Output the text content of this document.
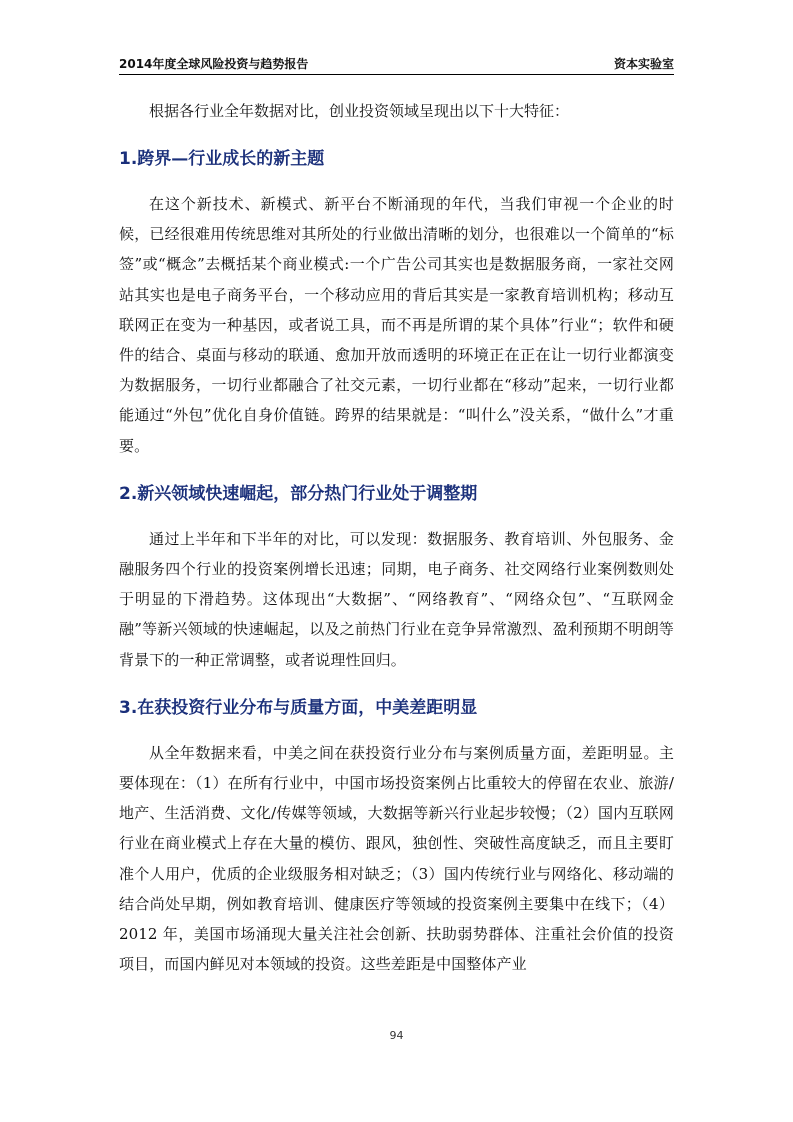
2014年度全球风险投资与趋势报告	资本实验室

根据各行业全年数据对比，创业投资领域呈现出以下十大特征：

1.跨界—行业成长的新主题

在这个新技术、新模式、新平台不断涌现的年代，当我们审视一个企业的时候，已经很难用传统思维对其所处的行业做出清晰的划分，也很难以一个简单的“标签”或“概念”去概括某个商业模式:一个广告公司其实也是数据服务商，一家社交网站其实也是电子商务平台，一个移动应用的背后其实是一家教育培训机构；移动互联网正在变为一种基因，或者说工具，而不再是所谓的某个具体”行业“；软件和硬件的结合、桌面与移动的联通、愈加开放而透明的环境正在正在让一切行业都演变为数据服务，一切行业都融合了社交元素，一切行业都在“移动”起来，一切行业都能通过“外包”优化自身价值链。跨界的结果就是：“叫什么”没关系，“做什么”才重要。

2.新兴领域快速崛起，部分热门行业处于调整期

通过上半年和下半年的对比，可以发现：数据服务、教育培训、外包服务、金融服务四个行业的投资案例增长迅速；同期，电子商务、社交网络行业案例数则处于明显的下滑趋势。这体现出“大数据”、“网络教育”、“网络众包”、“互联网金融”等新兴领域的快速崛起，以及之前热门行业在竞争异常激烈、盈利预期不明朗等背景下的一种正常调整，或者说理性回归。

3.在获投资行业分布与质量方面，中美差距明显

从全年数据来看，中美之间在获投资行业分布与案例质量方面，差距明显。主要体现在：（1）在所有行业中，中国市场投资案例占比重较大的停留在农业、旅游/地产、生活消费、文化/传媒等领域，大数据等新兴行业起步较慢；（2）国内互联网行业在商业模式上存在大量的模仿、跟风，独创性、突破性高度缺乏，而且主要盯准个人用户，优质的企业级服务相对缺乏；（3）国内传统行业与网络化、移动端的结合尚处早期，例如教育培训、健康医疗等领域的投资案例主要集中在线下；（4）2012 年，美国市场涌现大量关注社会创新、扶助弱势群体、注重社会价值的投资项目，而国内鲜见对本领域的投资。这些差距是中国整体产业

94
